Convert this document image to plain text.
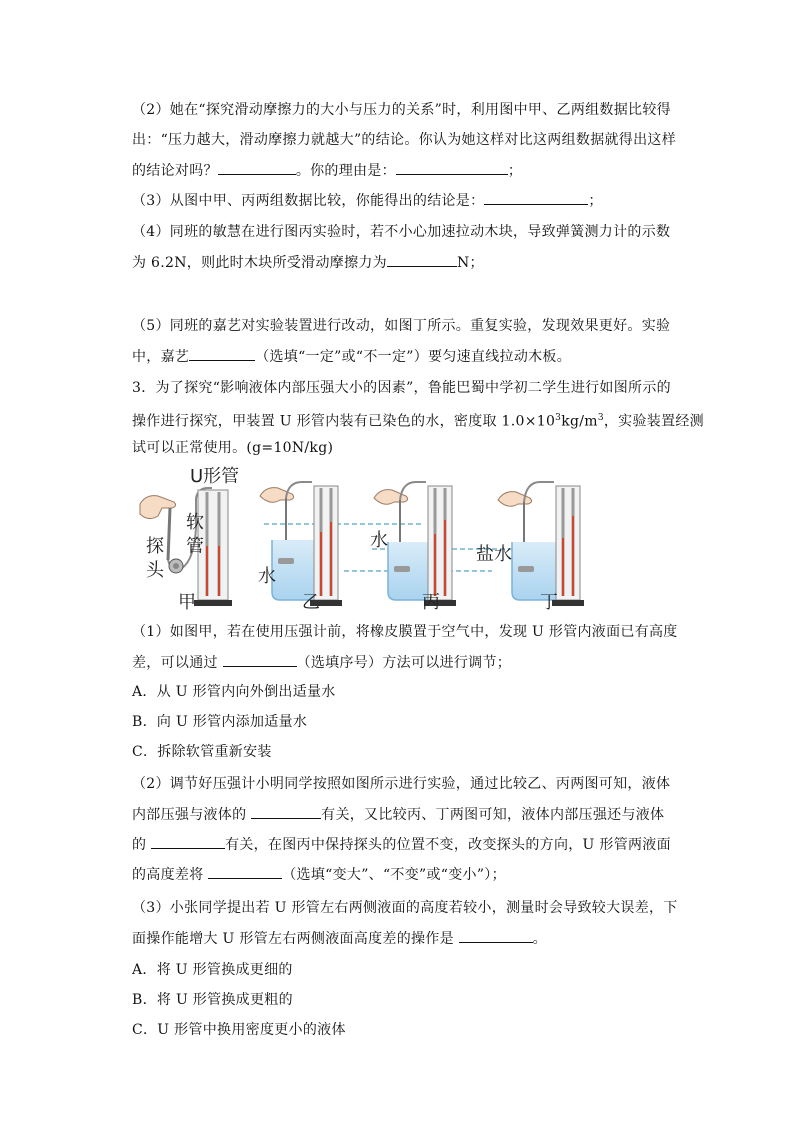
（2）她在“探究滑动摩擦力的大小与压力的关系”时，利用图中甲、乙两组数据比较得
出：“压力越大，滑动摩擦力就越大”的结论。你认为她这样对比这两组数据就得出这样
的结论对吗？	。你的理由是：	；
（3）从图中甲、丙两组数据比较，你能得出的结论是：	；
（4）同班的敏慧在进行图丙实验时，若不小心加速拉动木块，导致弹簧测力计的示数
为 6.2N，则此时木块所受滑动摩擦力为	N；
（5）同班的嘉艺对实验装置进行改动，如图丁所示。重复实验，发现效果更好。实验
中，嘉艺	（选填“一定”或“不一定”）要匀速直线拉动木板。
3．为了探究“影响液体内部压强大小的因素”，鲁能巴蜀中学初二学生进行如图所示的
操作进行探究，甲装置 U 形管内装有已染色的水，密度取 $1.0\times 10^3kg/m^3$，实验装置经测
试可以正常使用。(g=10N/kg)
U形管
软
管
探
头
甲
水
乙
水
丙
盐水
丁
（1）如图甲，若在使用压强计前，将橡皮膜置于空气中，发现 U 形管内液面已有高度
差，可以通过	（选填序号）方法可以进行调节；
A．从 U 形管内向外倒出适量水
B．向 U 形管内添加适量水
C．拆除软管重新安装
（2）调节好压强计小明同学按照如图所示进行实验，通过比较乙、丙两图可知，液体
内部压强与液体的	有关，又比较丙、丁两图可知，液体内部压强还与液体
的	有关，在图丙中保持探头的位置不变，改变探头的方向，U 形管两液面
的高度差将	（选填“变大”、“不变”或“变小”）；
（3）小张同学提出若 U 形管左右两侧液面的高度若较小，测量时会导致较大误差，下
面操作能增大 U 形管左右两侧液面高度差的操作是	。
A．将 U 形管换成更细的
B．将 U 形管换成更粗的
C．U 形管中换用密度更小的液体
